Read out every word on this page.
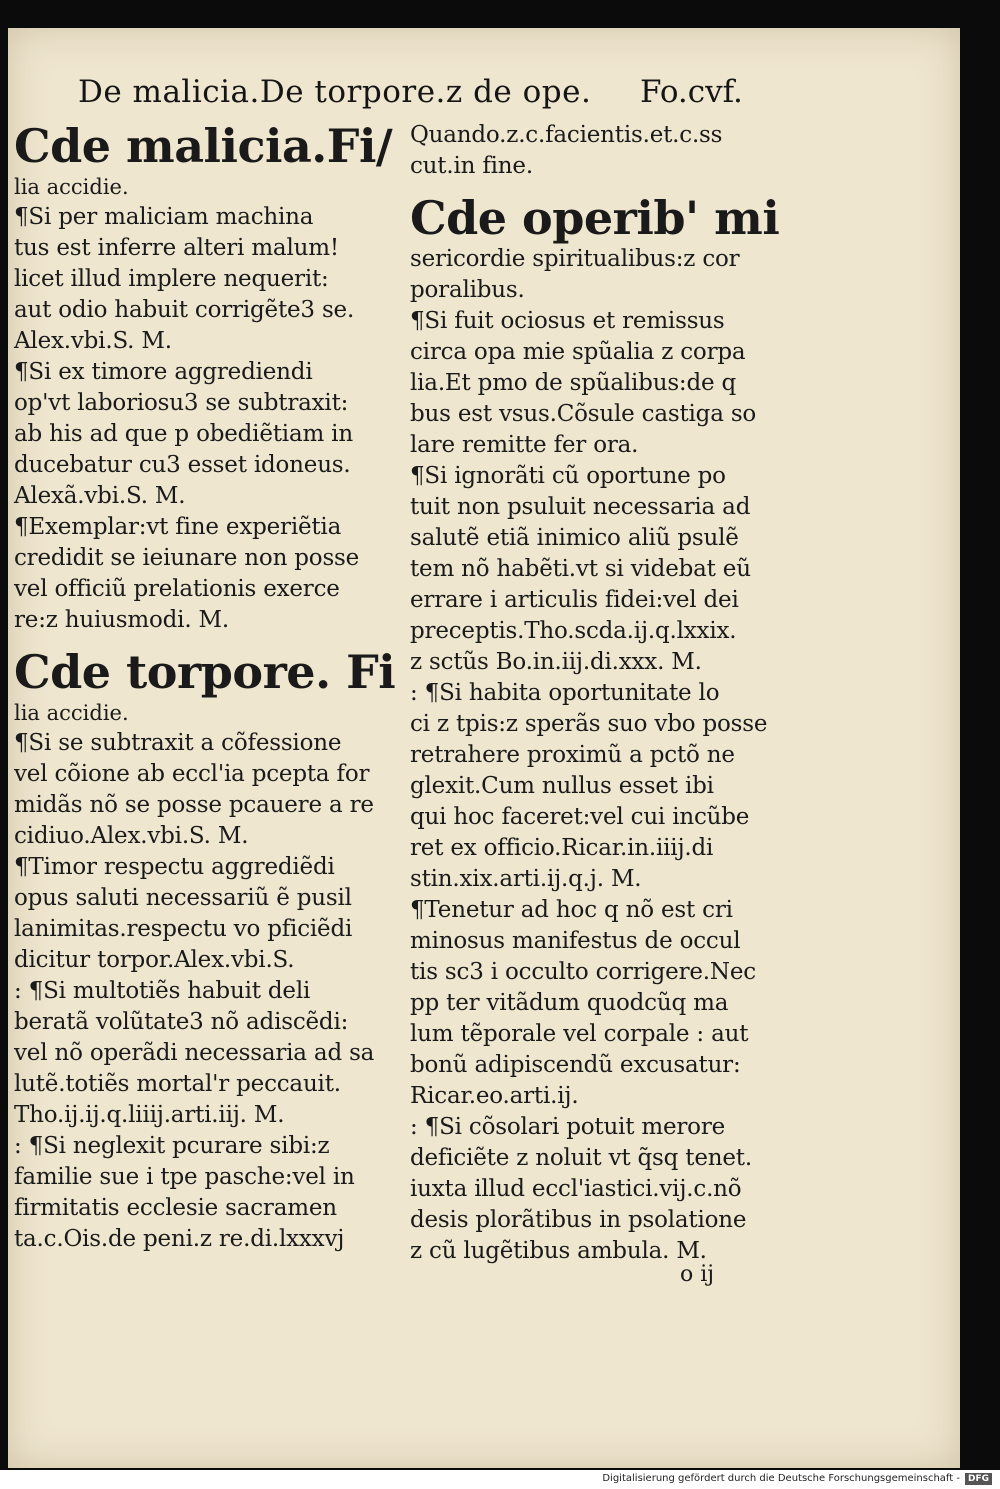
De malicia.De torpore.z de ope.	Fo.cvf.
Cde malicia.Fi/
lia accidie.
¶Si per maliciam machina
tus est inferre alteri malum!
licet illud implere nequerit:
aut odio habuit corrigẽte3 se.
Alex.vbi.S. M.
¶Si ex timore aggrediendi
op'vt laboriosu3 se subtraxit:
ab his ad que p obediẽtiam in
ducebatur cu3 esset idoneus.
Alexã.vbi.S. M.
¶Exemplar:vt fine experiẽtia
credidit se ieiunare non posse
vel officiũ prelationis exerce
re:z huiusmodi. M.
Cde torpore. Fi
lia accidie.
¶Si se subtraxit a cõfessione
vel cõione ab eccl'ia pcepta for
midãs nõ se posse pcauere a re
cidiuo.Alex.vbi.S. M.
¶Timor respectu aggrediẽdi
opus saluti necessariũ ẽ pusil
lanimitas.respectu vo pficiẽdi
dicitur torpor.Alex.vbi.S.
: ¶Si multotiẽs habuit deli
beratã volũtate3 nõ adiscẽdi:
vel nõ operãdi necessaria ad sa
lutẽ.totiẽs mortal'r peccauit.
Tho.ij.ij.q.liiij.arti.iij. M.
: ¶Si neglexit pcurare sibi:z
familie sue i tpe pasche:vel in
firmitatis ecclesie sacramen
ta.c.Ois.de peni.z re.di.lxxxvj
Quando.z.c.facientis.et.c.ss
cut.in fine.
Cde operib' mi
sericordie spiritualibus:z cor
poralibus.
¶Si fuit ociosus et remissus
circa opa mie spũalia z corpa
lia.Et pmo de spũalibus:de q
bus est vsus.Cõsule castiga so
lare remitte fer ora.
¶Si ignorãti cũ oportune po
tuit non psuluit necessaria ad
salutẽ etiã inimico aliũ psulẽ
tem nõ habẽti.vt si videbat eũ
errare i articulis fidei:vel dei
preceptis.Tho.scda.ij.q.lxxix.
z sctũs Bo.in.iij.di.xxx. M.
: ¶Si habita oportunitate lo
ci z tpis:z sperãs suo vbo posse
retrahere proximũ a pctõ ne
glexit.Cum nullus esset ibi
qui hoc faceret:vel cui incũbe
ret ex officio.Ricar.in.iiij.di
stin.xix.arti.ij.q.j. M.
¶Tenetur ad hoc q nõ est cri
minosus manifestus de occul
tis sc3 i occulto corrigere.Nec
pp ter vitãdum quodcũq ma
lum tẽporale vel corpale : aut
bonũ adipiscendũ excusatur:
Ricar.eo.arti.ij.
: ¶Si cõsolari potuit merore
deficiẽte z noluit vt q̃sq tenet.
iuxta illud eccl'iastici.vij.c.nõ
desis plorãtibus in psolatione
z cũ lugẽtibus ambula. M.
o ij
Digitalisierung gefördert durch die Deutsche Forschungsgemeinschaft - DFG
